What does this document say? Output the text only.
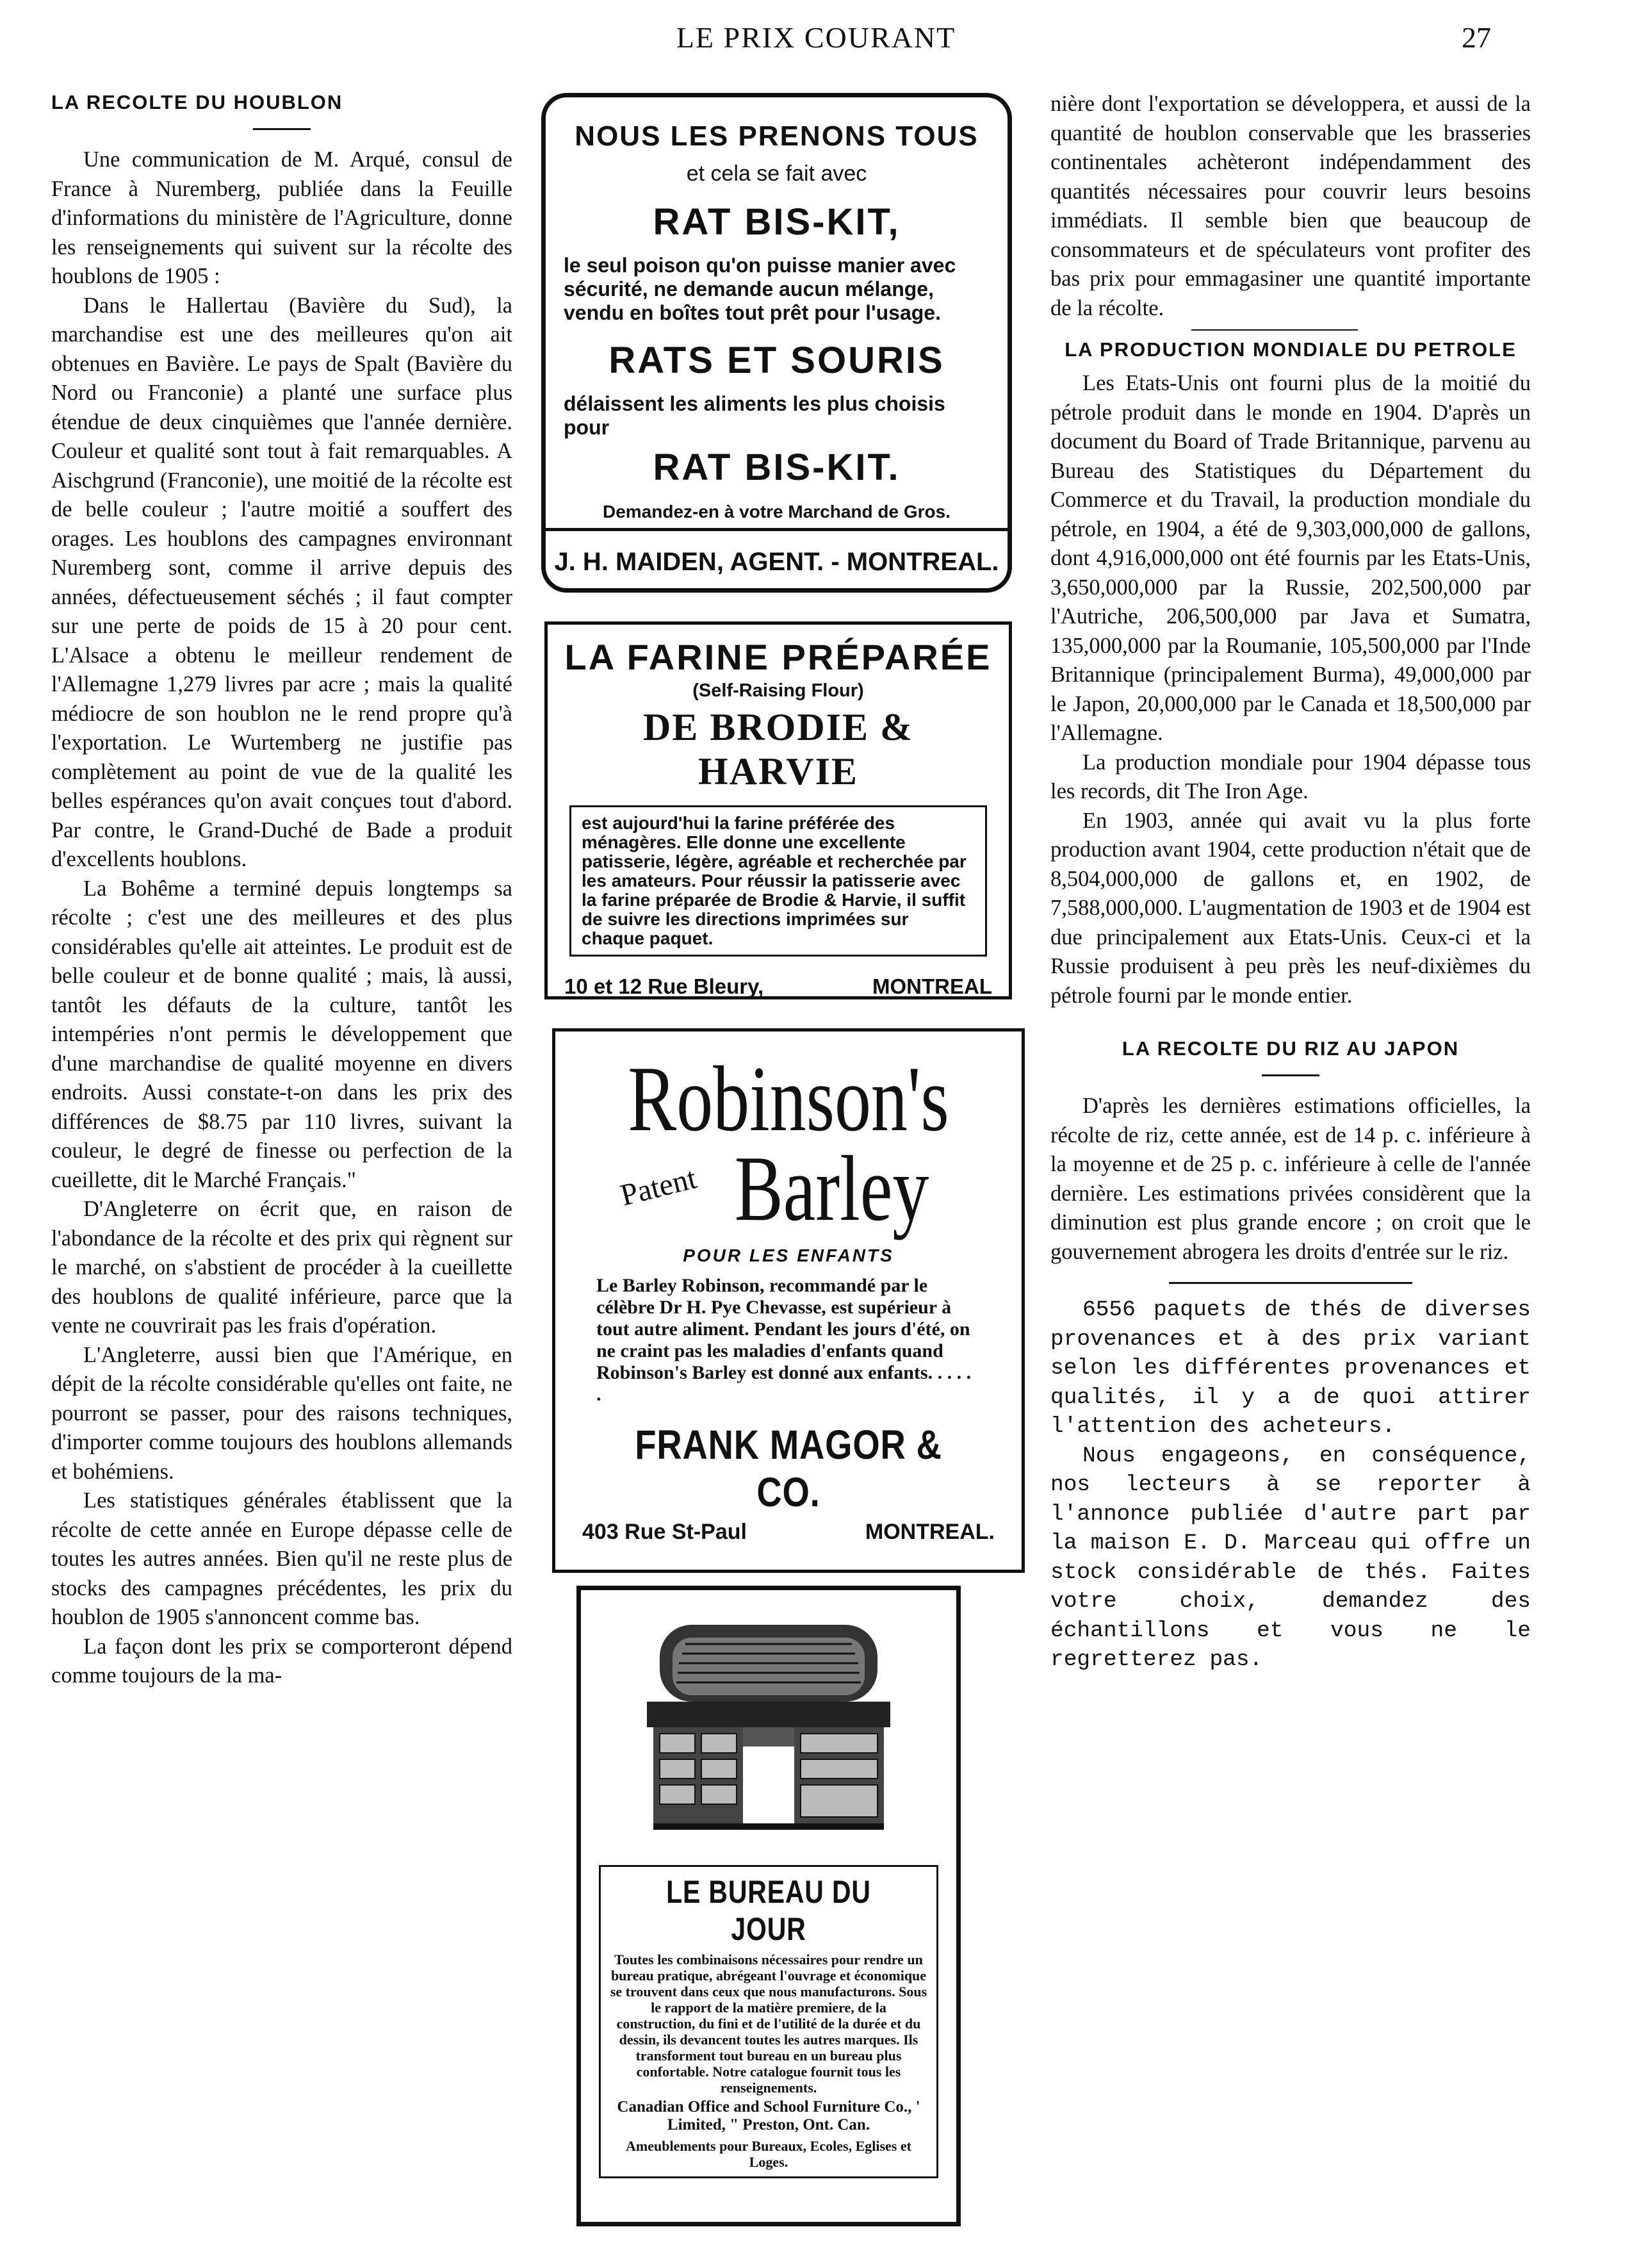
LE PRIX COURANT	27
LA RECOLTE DU HOUBLON

Une communication de M. Arqué, consul de France à Nuremberg, publiée dans la Feuille d'informations du ministère de l'Agriculture, donne les renseignements qui suivent sur la récolte des houblons de 1905 :

Dans le Hallertau (Bavière du Sud), la marchandise est une des meilleures qu'on ait obtenues en Bavière. Le pays de Spalt (Bavière du Nord ou Franconie) a planté une surface plus étendue de deux cinquièmes que l'année dernière. Couleur et qualité sont tout à fait remarquables. A Aischgrund (Franconie), une moitié de la récolte est de belle couleur ; l'autre moitié a souffert des orages. Les houblons des campagnes environnant Nuremberg sont, comme il arrive depuis des années, défectueusement séchés ; il faut compter sur une perte de poids de 15 à 20 pour cent. L'Alsace a obtenu le meilleur rendement de l'Allemagne 1,279 livres par acre ; mais la qualité médiocre de son houblon ne le rend propre qu'à l'exportation. Le Wurtemberg ne justifie pas complètement au point de vue de la qualité les belles espérances qu'on avait conçues tout d'abord. Par contre, le Grand-Duché de Bade a produit d'excellents houblons.

La Bohême a terminé depuis longtemps sa récolte ; c'est une des meilleures et des plus considérables qu'elle ait atteintes. Le produit est de belle couleur et de bonne qualité ; mais, là aussi, tantôt les défauts de la culture, tantôt les intempéries n'ont permis le développement que d'une marchandise de qualité moyenne en divers endroits. Aussi constate-t-on dans les prix des différences de $8.75 par 110 livres, suivant la couleur, le degré de finesse ou perfection de la cueillette, dit le Marché Français."

D'Angleterre on écrit que, en raison de l'abondance de la récolte et des prix qui règnent sur le marché, on s'abstient de procéder à la cueillette des houblons de qualité inférieure, parce que la vente ne couvrirait pas les frais d'opération.

L'Angleterre, aussi bien que l'Amérique, en dépit de la récolte considérable qu'elles ont faite, ne pourront se passer, pour des raisons techniques, d'importer comme toujours des houblons allemands et bohémiens.

Les statistiques générales établissent que la récolte de cette année en Europe dépasse celle de toutes les autres années. Bien qu'il ne reste plus de stocks des campagnes précédentes, les prix du houblon de 1905 s'annoncent comme bas.

La façon dont les prix se comporteront dépend comme toujours de la ma-

NOUS LES PRENONS TOUS
et cela se fait avec
RAT BIS-KIT,
le seul poison qu'on puisse manier avec sécurité, ne demande aucun mélange, vendu en boîtes tout prêt pour l'usage.
RATS ET SOURIS
délaissent les aliments les plus choisis pour
RAT BIS-KIT.
Demandez-en à votre Marchand de Gros.
J. H. MAIDEN, AGENT. - MONTREAL.
LA FARINE PRÉPARÉE
(Self-Raising Flour)
DE BRODIE & HARVIE
est aujourd'hui la farine préférée des ménagères. Elle donne une excellente patisserie, légère, agréable et recherchée par les amateurs. Pour réussir la patisserie avec la farine préparée de Brodie & Harvie, il suffit de suivre les directions imprimées sur chaque paquet.
10 et 12 Rue Bleury,	MONTREAL
Robinson's
Patent Barley
POUR LES ENFANTS
Le Barley Robinson, recommandé par le célèbre Dr H. Pye Chevasse, est supérieur à tout autre aliment. Pendant les jours d'été, on ne craint pas les maladies d'enfants quand Robinson's Barley est donné aux enfants. . . . . .
FRANK MAGOR & CO.
403 Rue St-Paul	MONTREAL.
LE BUREAU DU JOUR
Toutes les combinaisons nécessaires pour rendre un bureau pratique, abrégeant l'ouvrage et économique se trouvent dans ceux que nous manufacturons. Sous le rapport de la matière premiere, de la construction, du fini et de l'utilité de la durée et du dessin, ils devancent toutes les autres marques. Ils transforment tout bureau en un bureau plus confortable. Notre catalogue fournit tous les renseignements.
Canadian Office and School Furniture Co., ' Limited, " Preston, Ont. Can.
Ameublements pour Bureaux, Ecoles, Eglises et Loges.

nière dont l'exportation se développera, et aussi de la quantité de houblon conservable que les brasseries continentales achèteront indépendamment des quantités nécessaires pour couvrir leurs besoins immédiats. Il semble bien que beaucoup de consommateurs et de spéculateurs vont profiter des bas prix pour emmagasiner une quantité importante de la récolte.

LA PRODUCTION MONDIALE DU PETROLE

Les Etats-Unis ont fourni plus de la moitié du pétrole produit dans le monde en 1904. D'après un document du Board of Trade Britannique, parvenu au Bureau des Statistiques du Département du Commerce et du Travail, la production mondiale du pétrole, en 1904, a été de 9,303,000,000 de gallons, dont 4,916,000,000 ont été fournis par les Etats-Unis, 3,650,000,000 par la Russie, 202,500,000 par l'Autriche, 206,500,000 par Java et Sumatra, 135,000,000 par la Roumanie, 105,500,000 par l'Inde Britannique (principalement Burma), 49,000,000 par le Japon, 20,000,000 par le Canada et 18,500,000 par l'Allemagne.

La production mondiale pour 1904 dépasse tous les records, dit The Iron Age.

En 1903, année qui avait vu la plus forte production avant 1904, cette production n'était que de 8,504,000,000 de gallons et, en 1902, de 7,588,000,000. L'augmentation de 1903 et de 1904 est due principalement aux Etats-Unis. Ceux-ci et la Russie produisent à peu près les neuf-dixièmes du pétrole fourni par le monde entier.

LA RECOLTE DU RIZ AU JAPON

D'après les dernières estimations officielles, la récolte de riz, cette année, est de 14 p. c. inférieure à la moyenne et de 25 p. c. inférieure à celle de l'année dernière. Les estimations privées considèrent que la diminution est plus grande encore ; on croit que le gouvernement abrogera les droits d'entrée sur le riz.

6556 paquets de thés de diverses provenances et à des prix variant selon les différentes provenances et qualités, il y a de quoi attirer l'attention des acheteurs.

Nous engageons, en conséquence, nos lecteurs à se reporter à l'annonce publiée d'autre part par la maison E. D. Marceau qui offre un stock considérable de thés. Faites votre choix, demandez des échantillons et vous ne le regretterez pas.
